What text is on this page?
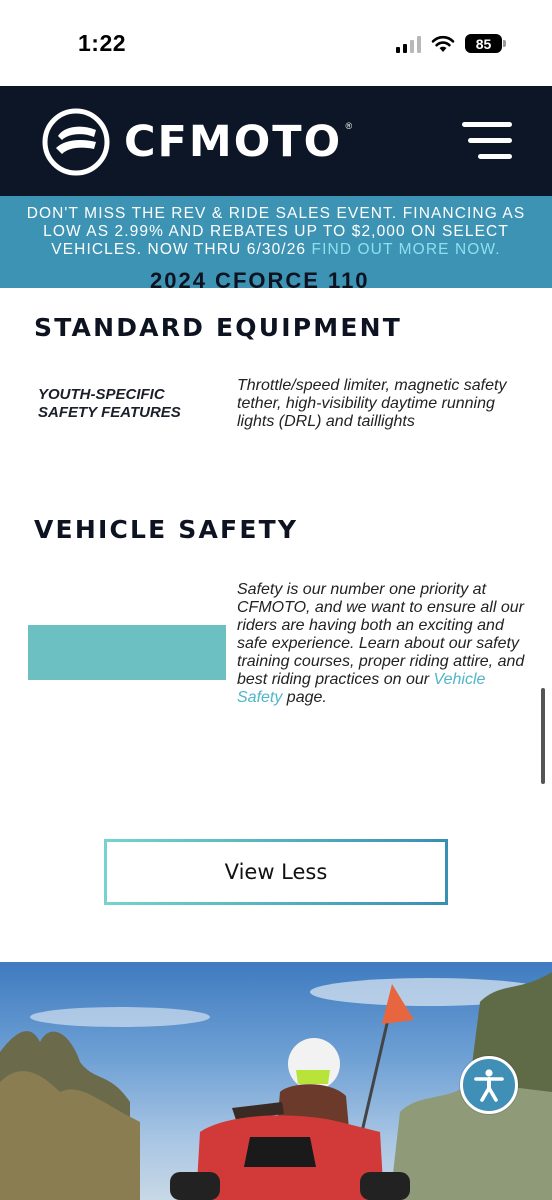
1:22	85
CFMOTO ®
DON'T MISS THE REV & RIDE SALES EVENT. FINANCING AS LOW AS 2.99% AND REBATES UP TO $2,000 ON SELECT VEHICLES. NOW THRU 6/30/26 FIND OUT MORE NOW.
2024 CFORCE 110
STANDARD EQUIPMENT
YOUTH-SPECIFIC SAFETY FEATURES
Throttle/speed limiter, magnetic safety tether, high-visibility daytime running lights (DRL) and taillights
VEHICLE SAFETY
Safety is our number one priority at CFMOTO, and we want to ensure all our riders are having both an exciting and safe experience. Learn about our safety training courses, proper riding attire, and best riding practices on our Vehicle Safety page.
View Less
